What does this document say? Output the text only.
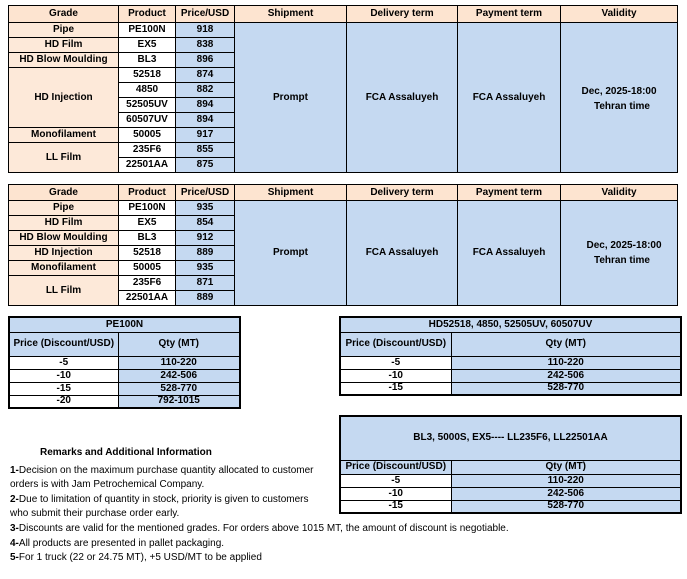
Grade	Product	Price/USD	Shipment	Delivery term	Payment term	Validity
Pipe	PE100N	918	Prompt	FCA Assaluyeh	FCA Assaluyeh	Dec, 2025-18:00
Tehran time

HD Film	EX5	838				
HD Blow Moulding	BL3	896				
HD Injection	52518	874				
	4850	882				
	52505UV	894				
	60507UV	894				
Monofilament	50005	917				
LL Film	235F6	855				
	22501AA	875				
Grade	Product	Price/USD	Shipment	Delivery term	Payment term	Validity
Pipe	PE100N	935	Prompt	FCA Assaluyeh	FCA Assaluyeh	Dec, 2025-18:00
Tehran time

HD Film	EX5	854				
HD Blow Moulding	BL3	912				
HD Injection	52518	889				
Monofilament	50005	935				
LL Film	235F6	871				
	22501AA	889				
PE100N	
Price (Discount/USD)	Qty (MT)
-5	110-220
-10	242-506
-15	528-770
-20	792-1015
HD52518, 4850, 52505UV, 60507UV	
Price (Discount/USD)	Qty (MT)
-5	110-220
-10	242-506
-15	528-770
BL3, 5000S, EX5---- LL235F6, LL22501AA	
Price (Discount/USD)	Qty (MT)
-5	110-220
-10	242-506
-15	528-770
Remarks and Additional Information
1-Decision on the maximum purchase quantity allocated to customer
orders is with Jam Petrochemical Company.
2-Due to limitation of quantity in stock, priority is given to customers
who submit their purchase order early.
3-Discounts are valid for the mentioned grades. For orders above 1015 MT, the amount of discount is negotiable.
4-All products are presented in pallet packaging.
5-For 1 truck (22 or 24.75 MT), +5 USD/MT to be applied
